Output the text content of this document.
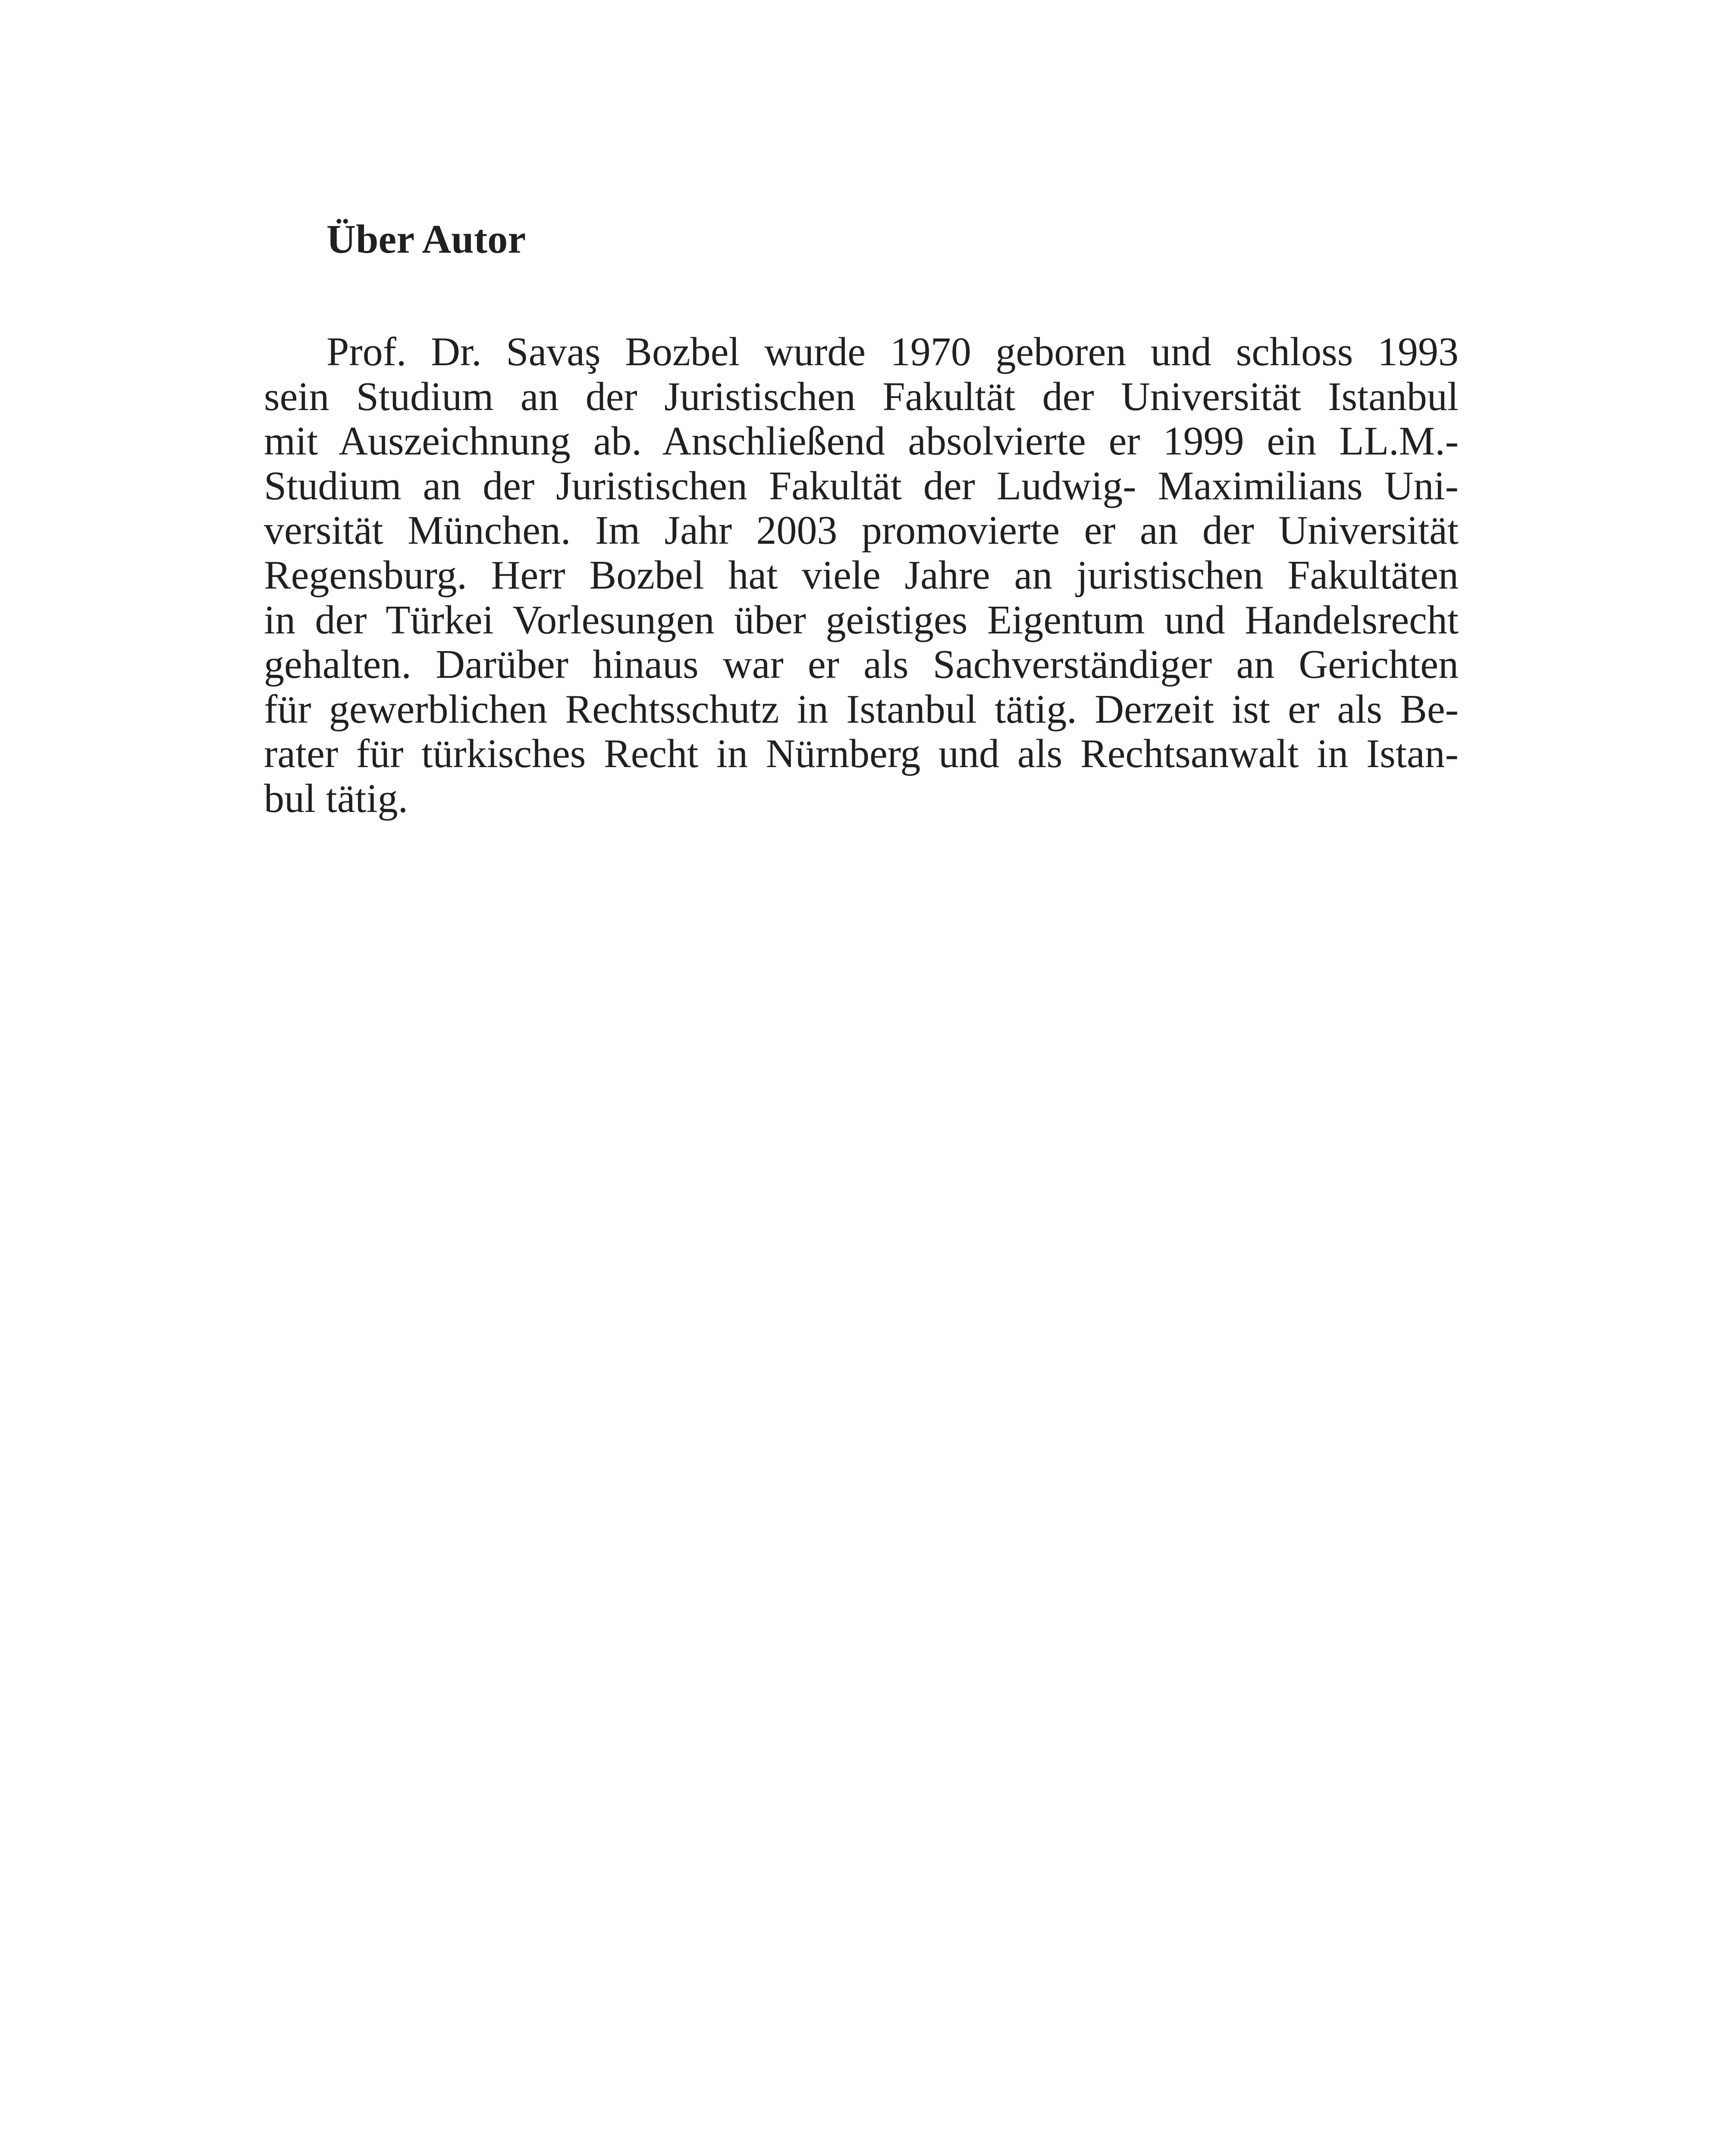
Über Autor

Prof. Dr. Savaş Bozbel wurde 1970 geboren und schloss 1993
sein Studium an der Juristischen Fakultät der Universität Istanbul
mit Auszeichnung ab. Anschließend absolvierte er 1999 ein LL.M.-
Studium an der Juristischen Fakultät der Ludwig- Maximilians Uni-
versität München. Im Jahr 2003 promovierte er an der Universität
Regensburg. Herr Bozbel hat viele Jahre an juristischen Fakultäten
in der Türkei Vorlesungen über geistiges Eigentum und Handelsrecht
gehalten. Darüber hinaus war er als Sachverständiger an Gerichten
für gewerblichen Rechtsschutz in Istanbul tätig. Derzeit ist er als Be-
rater für türkisches Recht in Nürnberg und als Rechtsanwalt in Istan-
bul tätig.
